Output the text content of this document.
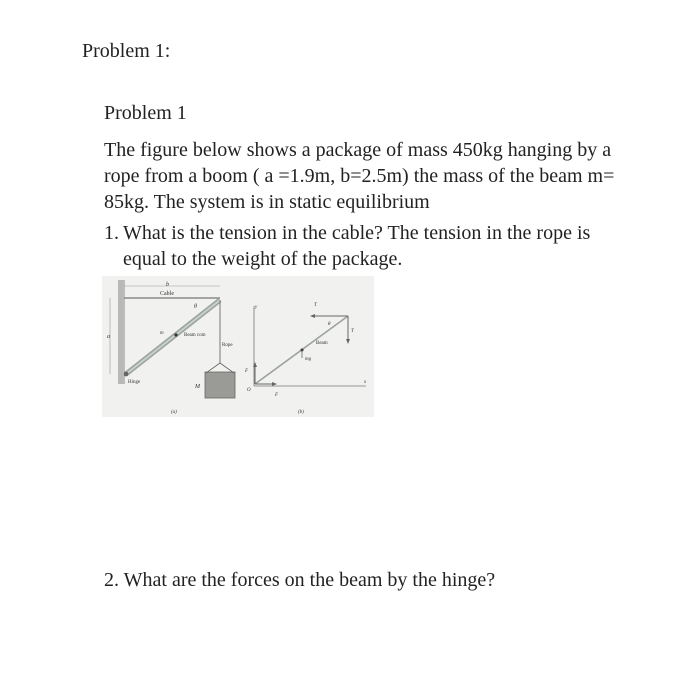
Problem 1:
Problem 1
The figure below shows a package of mass 450kg hanging by a rope from a boom ( a =1.9m, b=2.5m) the mass of the beam m= 85kg. The system is in static equilibrium
1. What is the tension in the cable? The tension in the rope is equal to the weight of the package.
b
Cable
a
θ
m	Beam com
Hinge
Rope
M
(a)
y
x
O
T
θ
T
Beam
mg
F
F
(b)
2. What are the forces on the beam by the hinge?
